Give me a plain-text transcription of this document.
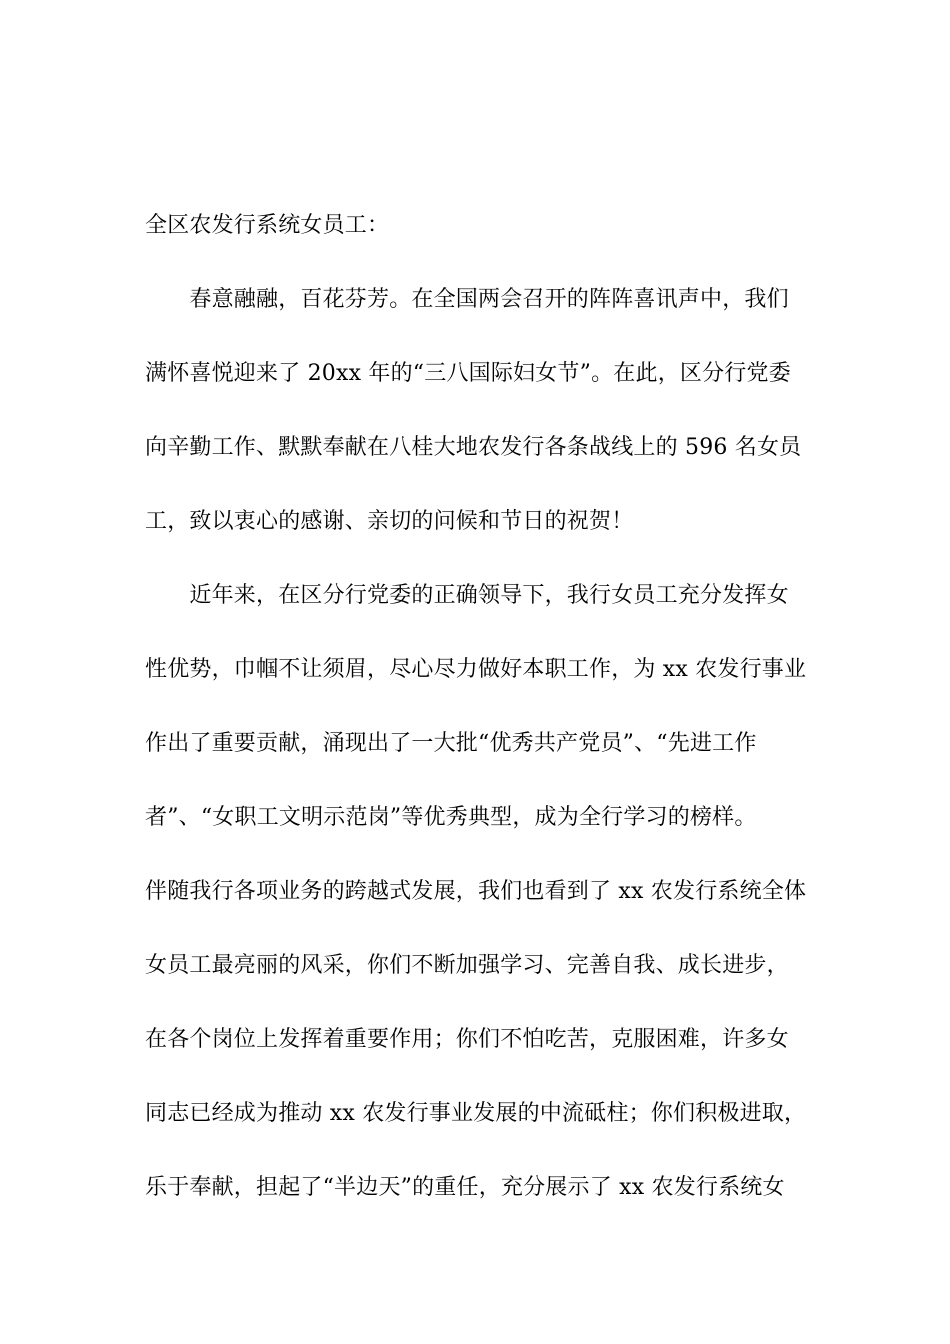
全区农发行系统女员工：
　　春意融融，百花芬芳。在全国两会召开的阵阵喜讯声中，我们
满怀喜悦迎来了 20xx 年的“三八国际妇女节”。在此，区分行党委
向辛勤工作、默默奉献在八桂大地农发行各条战线上的 596 名女员
工，致以衷心的感谢、亲切的问候和节日的祝贺！
　　近年来，在区分行党委的正确领导下，我行女员工充分发挥女
性优势，巾帼不让须眉，尽心尽力做好本职工作，为 xx 农发行事业
作出了重要贡献，涌现出了一大批“优秀共产党员”、“先进工作
者”、“女职工文明示范岗”等优秀典型，成为全行学习的榜样。
伴随我行各项业务的跨越式发展，我们也看到了 xx 农发行系统全体
女员工最亮丽的风采，你们不断加强学习、完善自我、成长进步，
在各个岗位上发挥着重要作用；你们不怕吃苦，克服困难，许多女
同志已经成为推动 xx 农发行事业发展的中流砥柱；你们积极进取，
乐于奉献，担起了“半边天”的重任，充分展示了 xx 农发行系统女
